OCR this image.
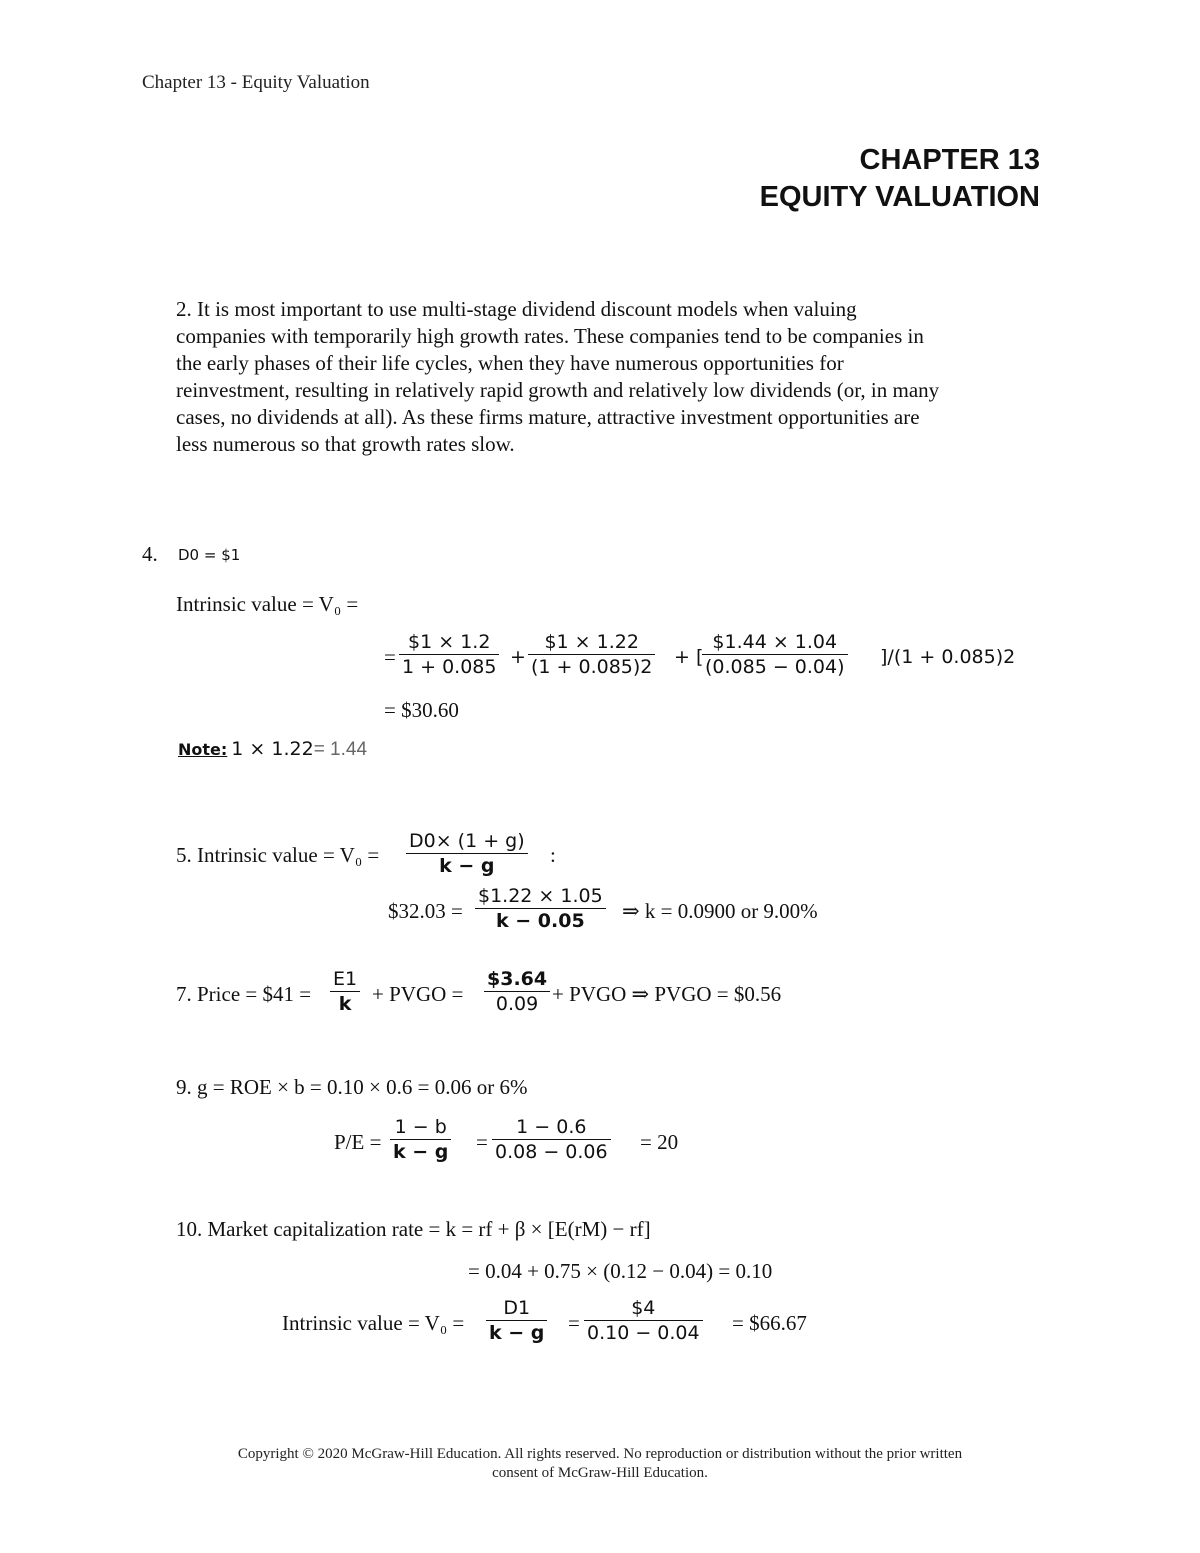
Chapter 13 - Equity Valuation
CHAPTER 13
EQUITY VALUATION
2. It is most important to use multi-stage dividend discount models when valuing
companies with temporarily high growth rates. These companies tend to be companies in
the early phases of their life cycles, when they have numerous opportunities for
reinvestment, resulting in relatively rapid growth and relatively low dividends (or, in many
cases, no dividends at all). As these firms mature, attractive investment opportunities are
less numerous so that growth rates slow.
4. D0 = $1
Intrinsic value = V₀ =
=
$1 × 1.2
1 + 0.085 +
$1 × 1.22
(1 + 0.085)2 + [
$1.44 × 1.04
(0.085 − 0.04) ]/(1 + 0.085)2
= $30.60
Note: 1 × 1.22= 1.44
5. Intrinsic value = V₀ =
D0× (1 + g)
k − g	:
$32.03 =
$1.22 × 1.05
k − 0.05 ⇒ k = 0.0900 or 9.00%
7. Price = $41 =
E1
k + PVGO =
$3.64
0.09 + PVGO ⇒ PVGO = $0.56
9. g = ROE × b = 0.10 × 0.6 = 0.06 or 6%
P/E =
1 − b
k − g =
1 − 0.6
0.08 − 0.06 = 20
10. Market capitalization rate = k = rf + β × [E(rM) − rf]
= 0.04 + 0.75 × (0.12 − 0.04) = 0.10
Intrinsic value = V₀ =
D1
k − g =
$4
0.10 − 0.04 = $66.67
Copyright © 2020 McGraw-Hill Education. All rights reserved. No reproduction or distribution without the prior written
consent of McGraw-Hill Education.
